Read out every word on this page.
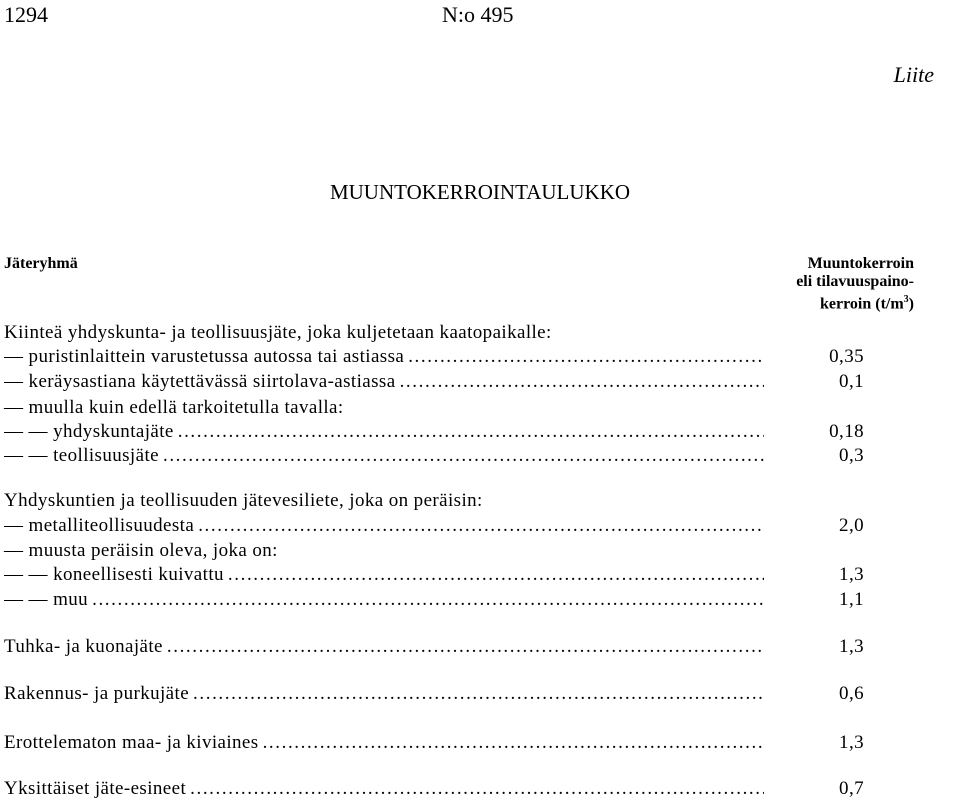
1294	N:o 495
Liite
MUUNTOKERROINTAULUKKO
Jäteryhmä	Muuntokerroin
eli tilavuuspaino-
kerroin $(t/m^3)$
Kiinteä yhdyskunta- ja teollisuusjäte, joka kuljetetaan kaatopaikalle:
— puristinlaittein varustetussa autossa tai astiassa .....	0,35
— keräysastiana käytettävässä siirtolava-astiassa .....	0,1
— muulla kuin edellä tarkoitetulla tavalla:
— — yhdyskuntajäte .....	0,18
— — teollisuusjäte .....	0,3
Yhdyskuntien ja teollisuuden jätevesiliete, joka on peräisin:
— metalliteollisuudesta .....	2,0
— muusta peräisin oleva, joka on:
— — koneellisesti kuivattu .....	1,3
— — muu .....	1,1
Tuhka- ja kuonajäte .....	1,3
Rakennus- ja purkujäte .....	0,6
Erottelematon maa- ja kiviaines .....	1,3
Yksittäiset jäte-esineet .....	0,7
